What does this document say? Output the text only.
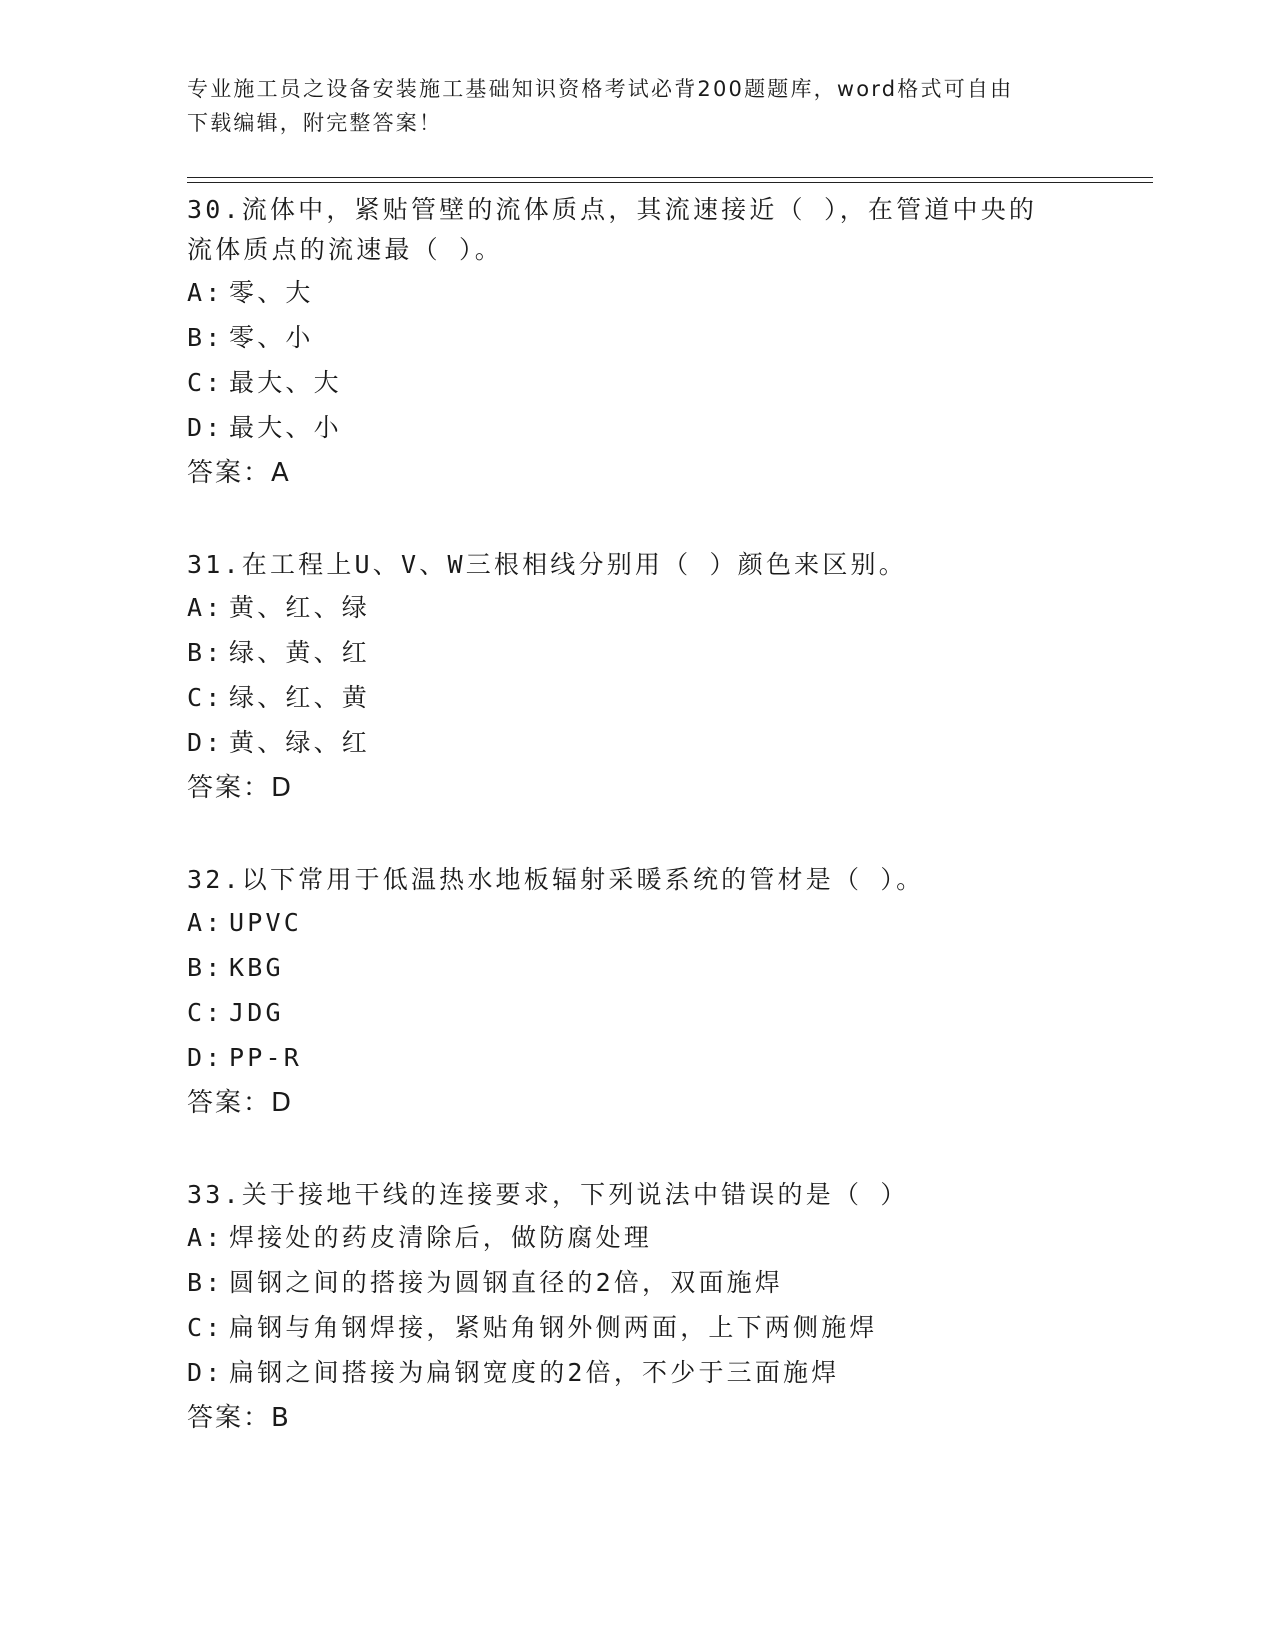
专业施工员之设备安装施工基础知识资格考试必背200题题库，word格式可自由
下载编辑，附完整答案！
30.流体中，紧贴管壁的流体质点，其流速接近（ ），在管道中央的
流体质点的流速最（ ）。
A: 零、大
B: 零、小
C: 最大、大
D: 最大、小
答案：A
31.在工程上U、V、W三根相线分别用（ ）颜色来区别。
A: 黄、红、绿
B: 绿、黄、红
C: 绿、红、黄
D: 黄、绿、红
答案：D
32.以下常用于低温热水地板辐射采暖系统的管材是（ ）。
A: UPVC
B: KBG
C: JDG
D: PP-R
答案：D
33.关于接地干线的连接要求，下列说法中错误的是（ ）
A: 焊接处的药皮清除后，做防腐处理
B: 圆钢之间的搭接为圆钢直径的2倍，双面施焊
C: 扁钢与角钢焊接，紧贴角钢外侧两面，上下两侧施焊
D: 扁钢之间搭接为扁钢宽度的2倍，不少于三面施焊
答案：B
